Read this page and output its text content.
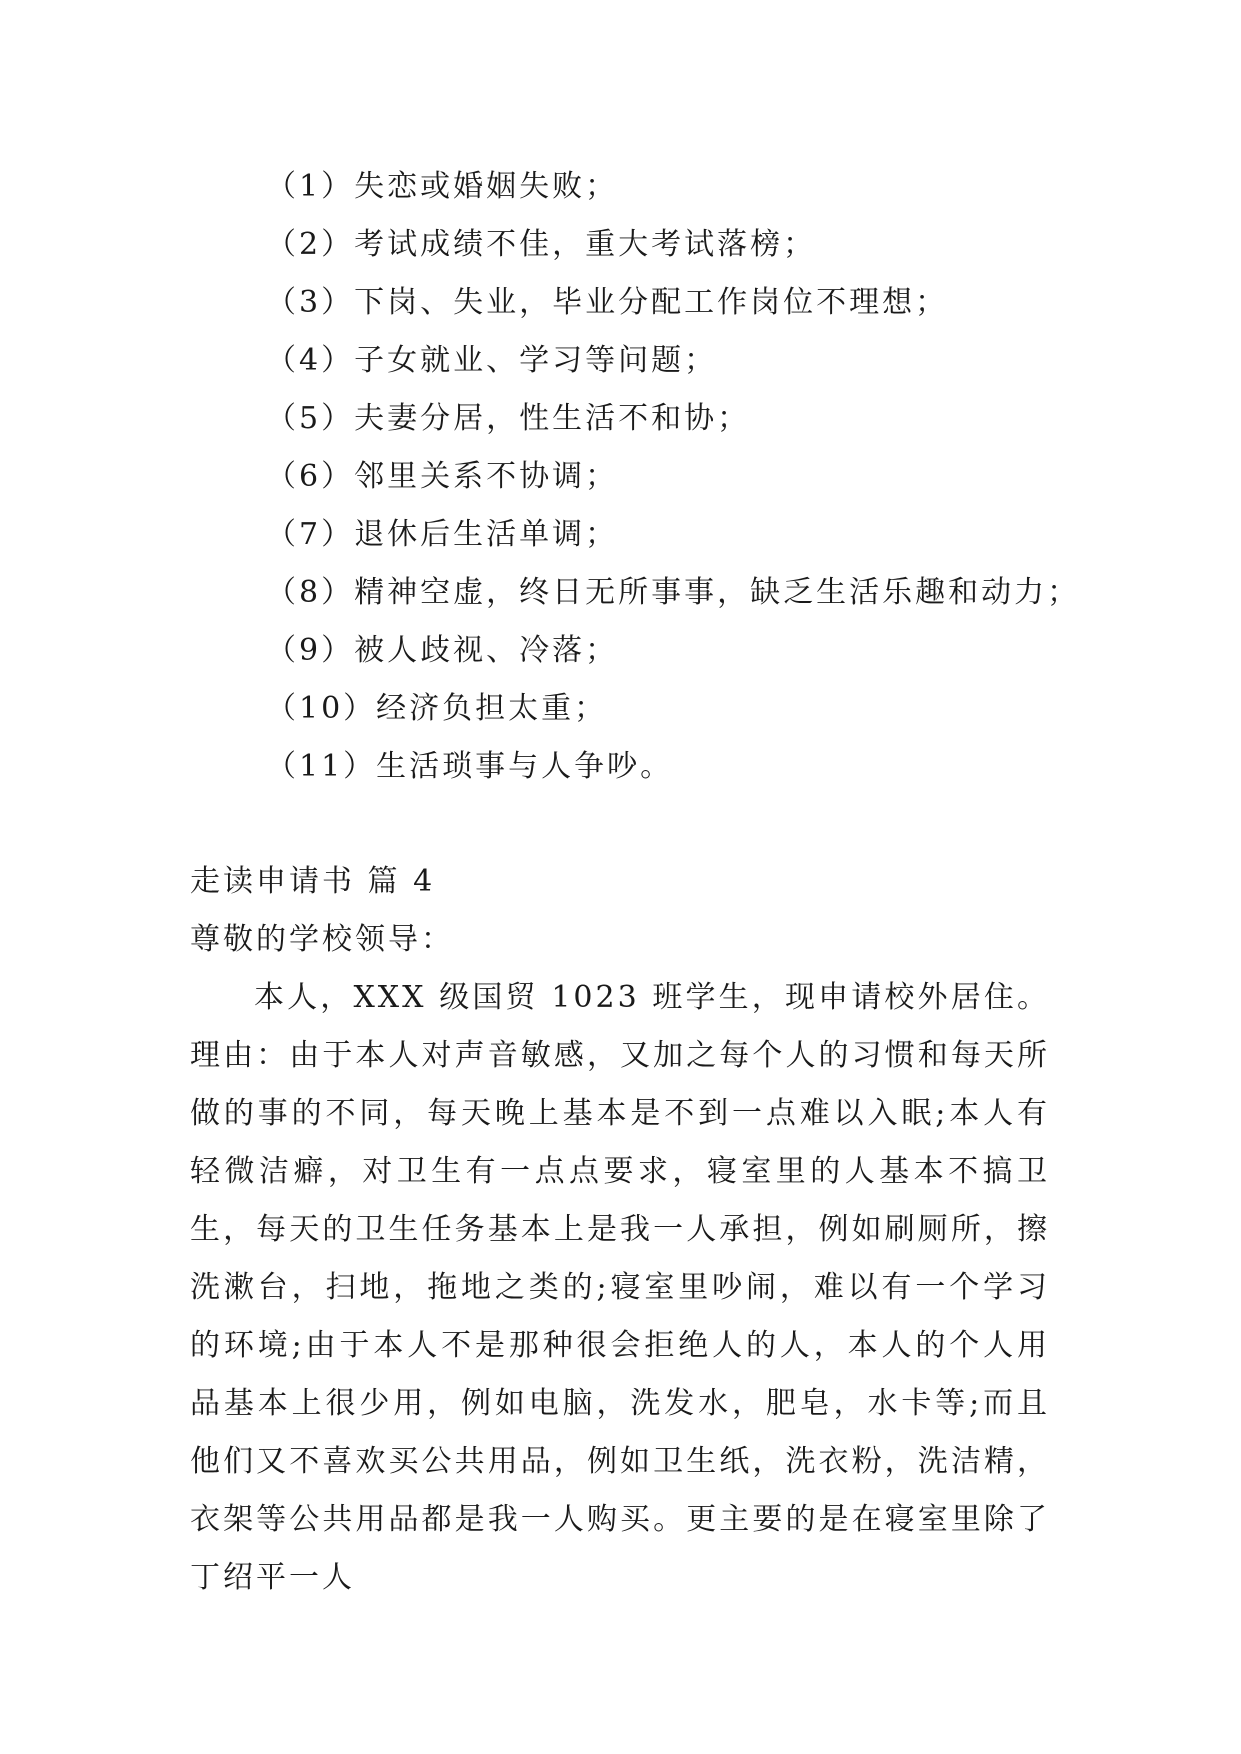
（1）失恋或婚姻失败；
（2）考试成绩不佳，重大考试落榜；
（3）下岗、失业，毕业分配工作岗位不理想；
（4）子女就业、学习等问题；
（5）夫妻分居，性生活不和协；
（6）邻里关系不协调；
（7）退休后生活单调；
（8）精神空虚，终日无所事事，缺乏生活乐趣和动力；
（9）被人歧视、冷落；
（10）经济负担太重；
（11）生活琐事与人争吵。
走读申请书 篇 4

尊敬的学校领导：

本人，XXX 级国贸 1023 班学生，现申请校外居住。理由：由于本人对声音敏感，又加之每个人的习惯和每天所做的事的不同，每天晚上基本是不到一点难以入眠;本人有轻微洁癖，对卫生有一点点要求，寝室里的人基本不搞卫生，每天的卫生任务基本上是我一人承担，例如刷厕所，擦洗漱台，扫地，拖地之类的;寝室里吵闹，难以有一个学习的环境;由于本人不是那种很会拒绝人的人，本人的个人用品基本上很少用，例如电脑，洗发水，肥皂，水卡等;而且他们又不喜欢买公共用品，例如卫生纸，洗衣粉，洗洁精，衣架等公共用品都是我一人购买。更主要的是在寝室里除了丁绍平一人
